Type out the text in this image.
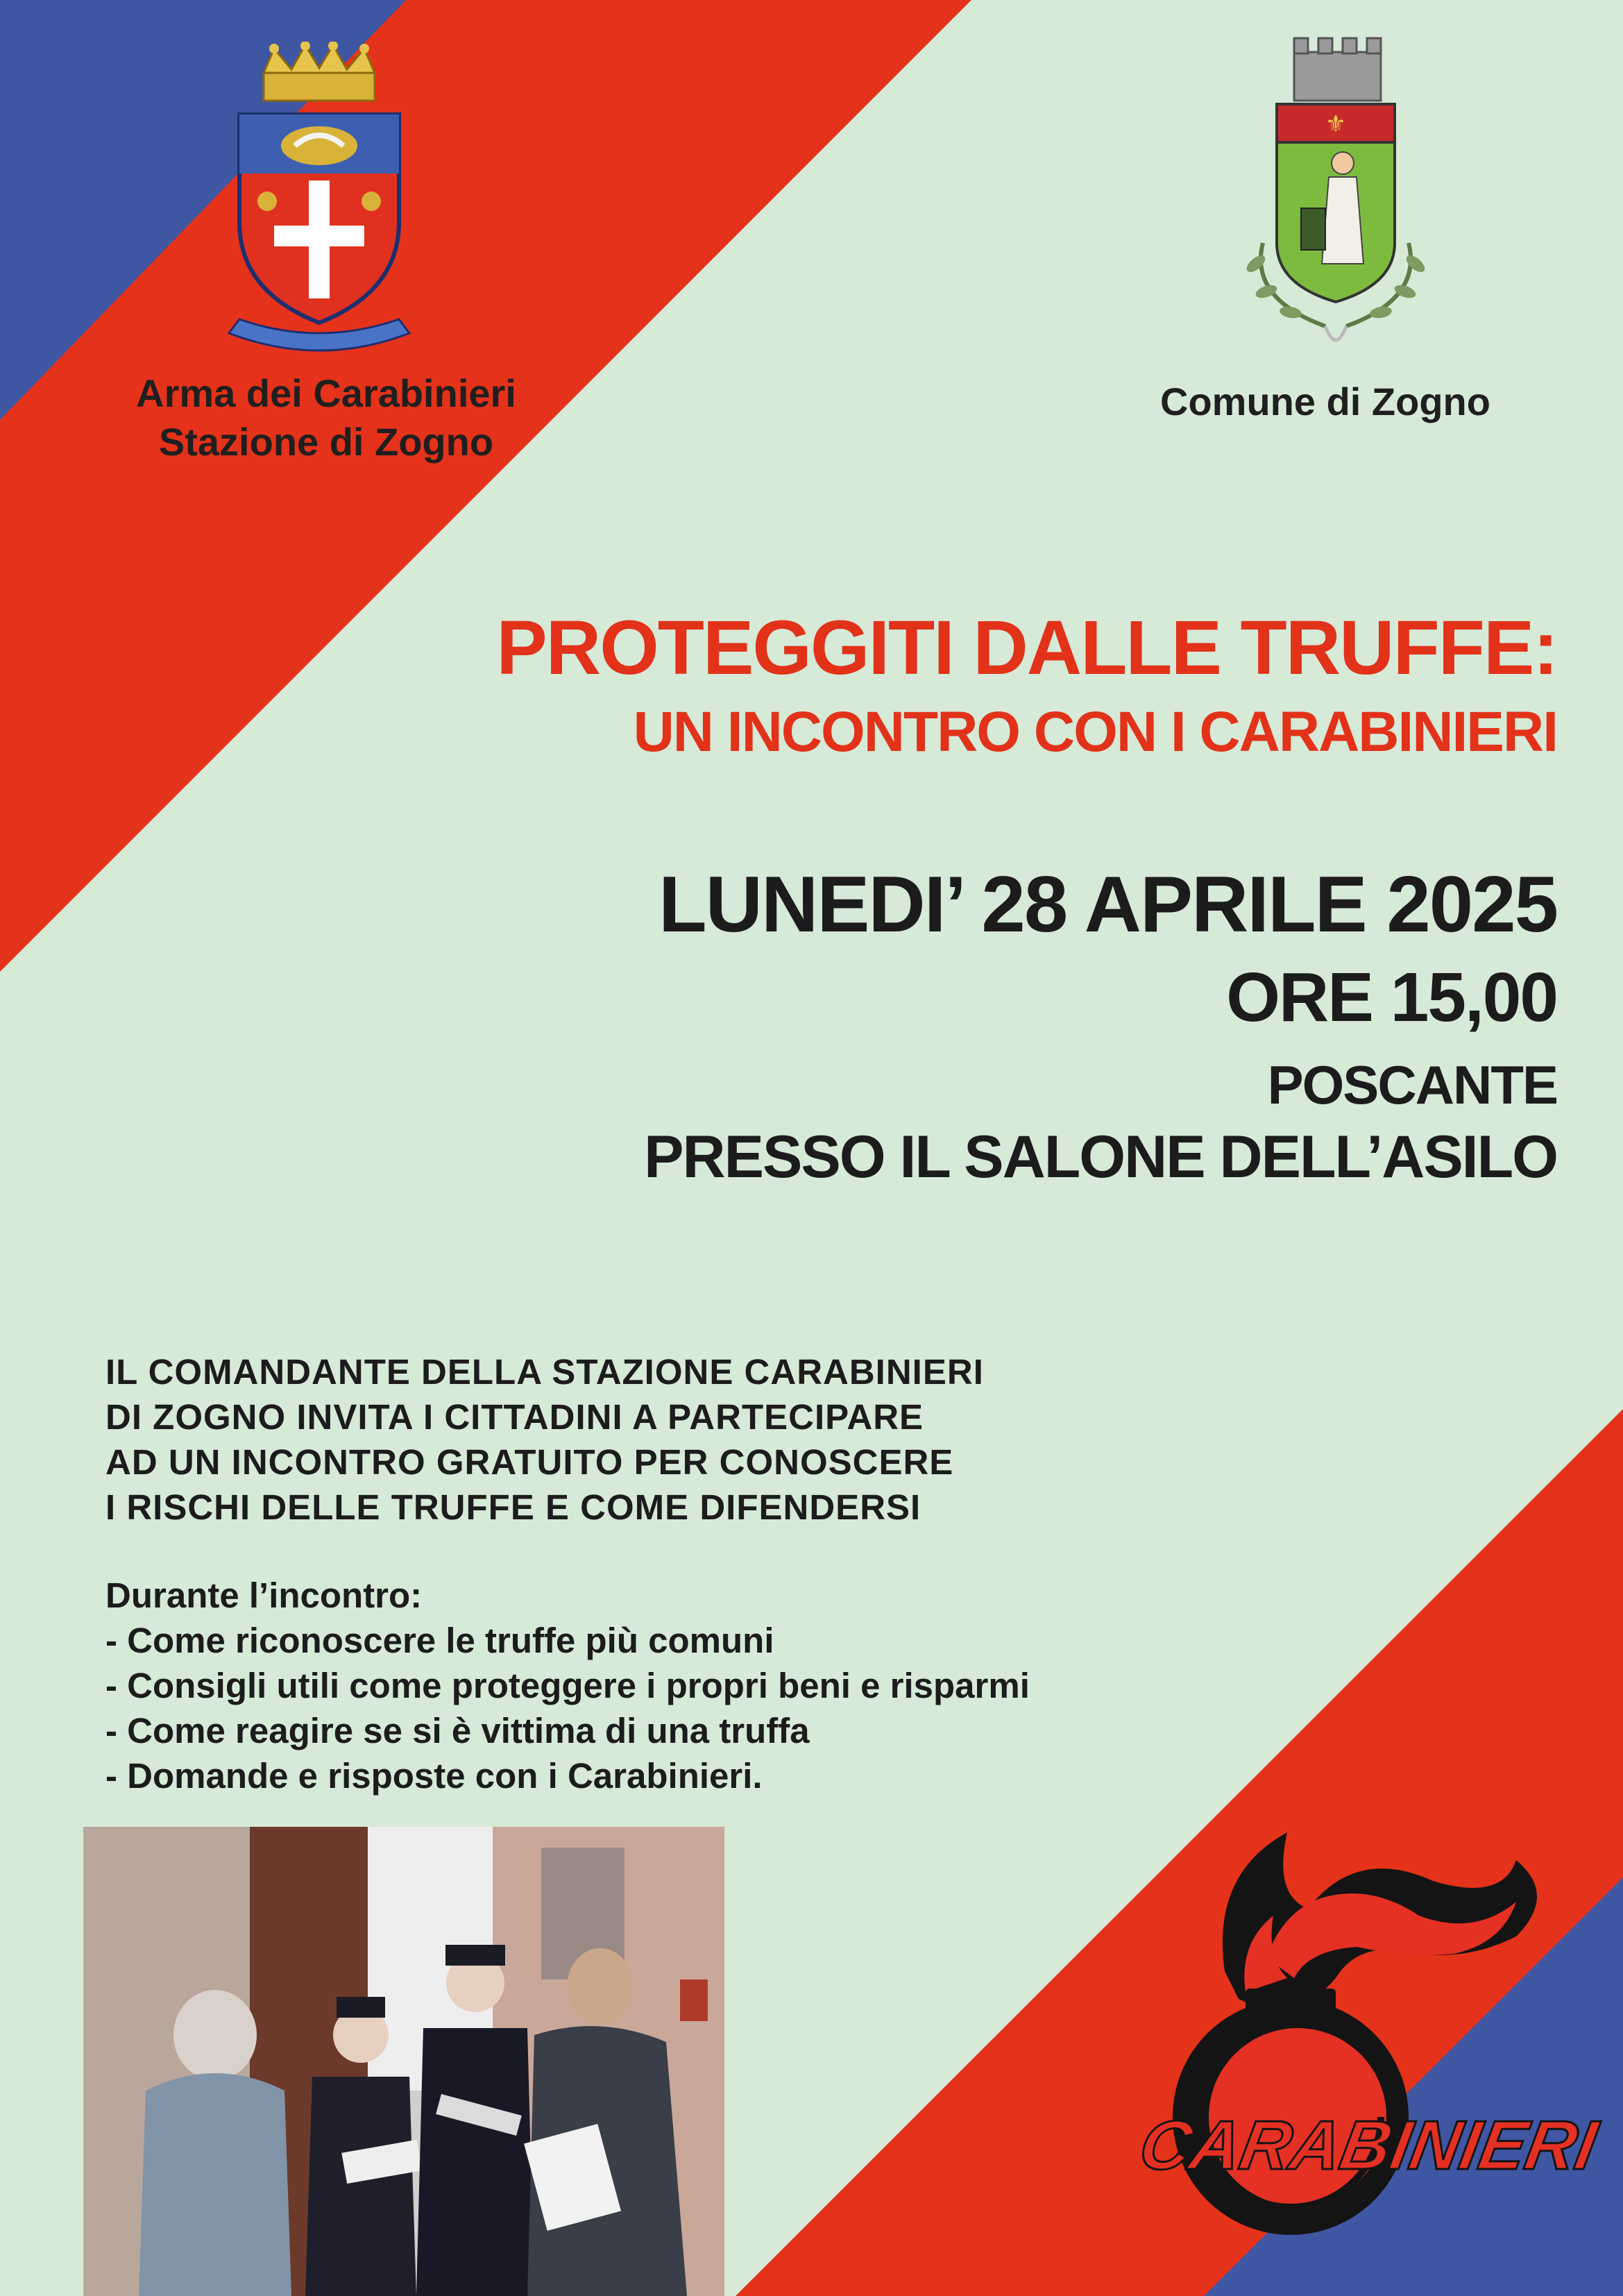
Arma dei Carabinieri
Stazione di Zogno
⚜
Comune di Zogno
PROTEGGITI DALLE TRUFFE:
UN INCONTRO CON I CARABINIERI
LUNEDI’ 28 APRILE 2025
ORE 15,00
POSCANTE
PRESSO IL SALONE DELL’ASILO
IL COMANDANTE DELLA STAZIONE CARABINIERI
DI ZOGNO INVITA I CITTADINI A PARTECIPARE
AD UN INCONTRO GRATUITO PER CONOSCERE
I RISCHI DELLE TRUFFE E COME DIFENDERSI
Durante l’incontro:
- Come riconoscere le truffe più comuni
- Consigli utili come proteggere i propri beni e risparmi
- Come reagire se si è vittima di una truffa
- Domande e risposte con i Carabinieri.
CARABINIERI
